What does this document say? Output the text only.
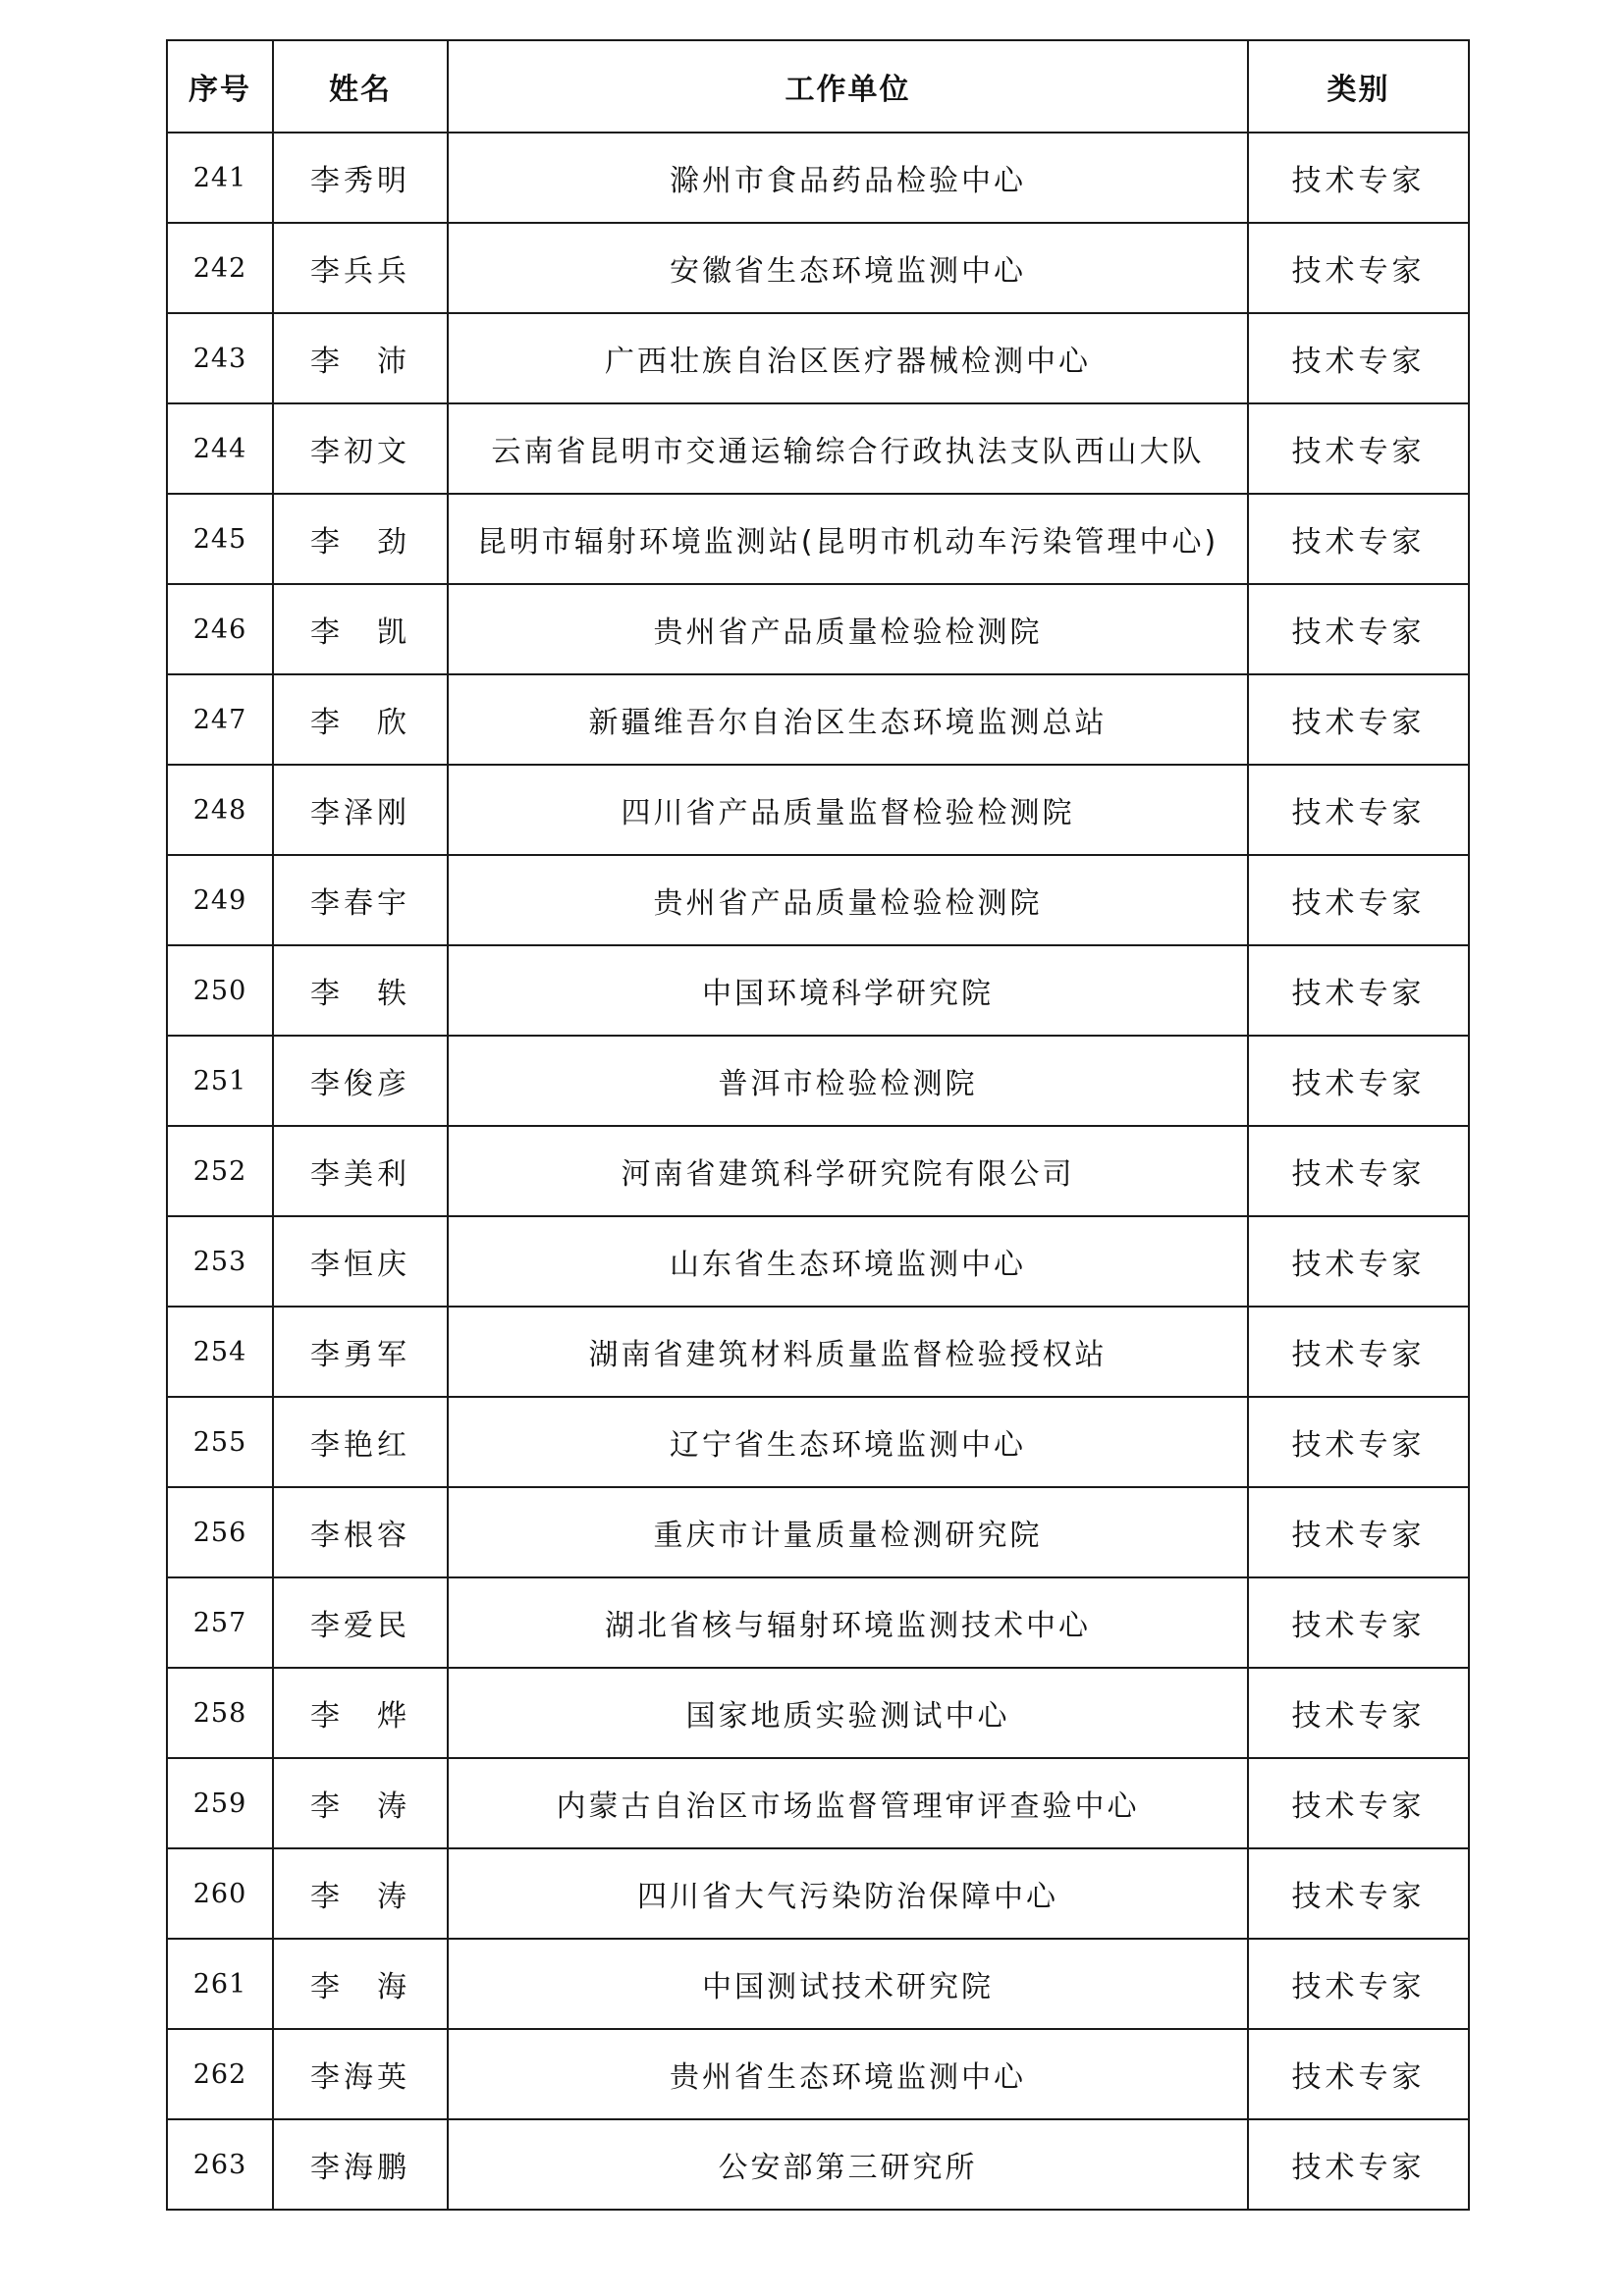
序号	姓名	工作单位	类别
241	李秀明	滁州市食品药品检验中心	技术专家
242	李兵兵	安徽省生态环境监测中心	技术专家
243	李　沛	广西壮族自治区医疗器械检测中心	技术专家
244	李初文	云南省昆明市交通运输综合行政执法支队西山大队	技术专家
245	李　劲	昆明市辐射环境监测站(昆明市机动车污染管理中心)	技术专家
246	李　凯	贵州省产品质量检验检测院	技术专家
247	李　欣	新疆维吾尔自治区生态环境监测总站	技术专家
248	李泽刚	四川省产品质量监督检验检测院	技术专家
249	李春宇	贵州省产品质量检验检测院	技术专家
250	李　轶	中国环境科学研究院	技术专家
251	李俊彦	普洱市检验检测院	技术专家
252	李美利	河南省建筑科学研究院有限公司	技术专家
253	李恒庆	山东省生态环境监测中心	技术专家
254	李勇军	湖南省建筑材料质量监督检验授权站	技术专家
255	李艳红	辽宁省生态环境监测中心	技术专家
256	李根容	重庆市计量质量检测研究院	技术专家
257	李爱民	湖北省核与辐射环境监测技术中心	技术专家
258	李　烨	国家地质实验测试中心	技术专家
259	李　涛	内蒙古自治区市场监督管理审评查验中心	技术专家
260	李　涛	四川省大气污染防治保障中心	技术专家
261	李　海	中国测试技术研究院	技术专家
262	李海英	贵州省生态环境监测中心	技术专家
263	李海鹏	公安部第三研究所	技术专家
